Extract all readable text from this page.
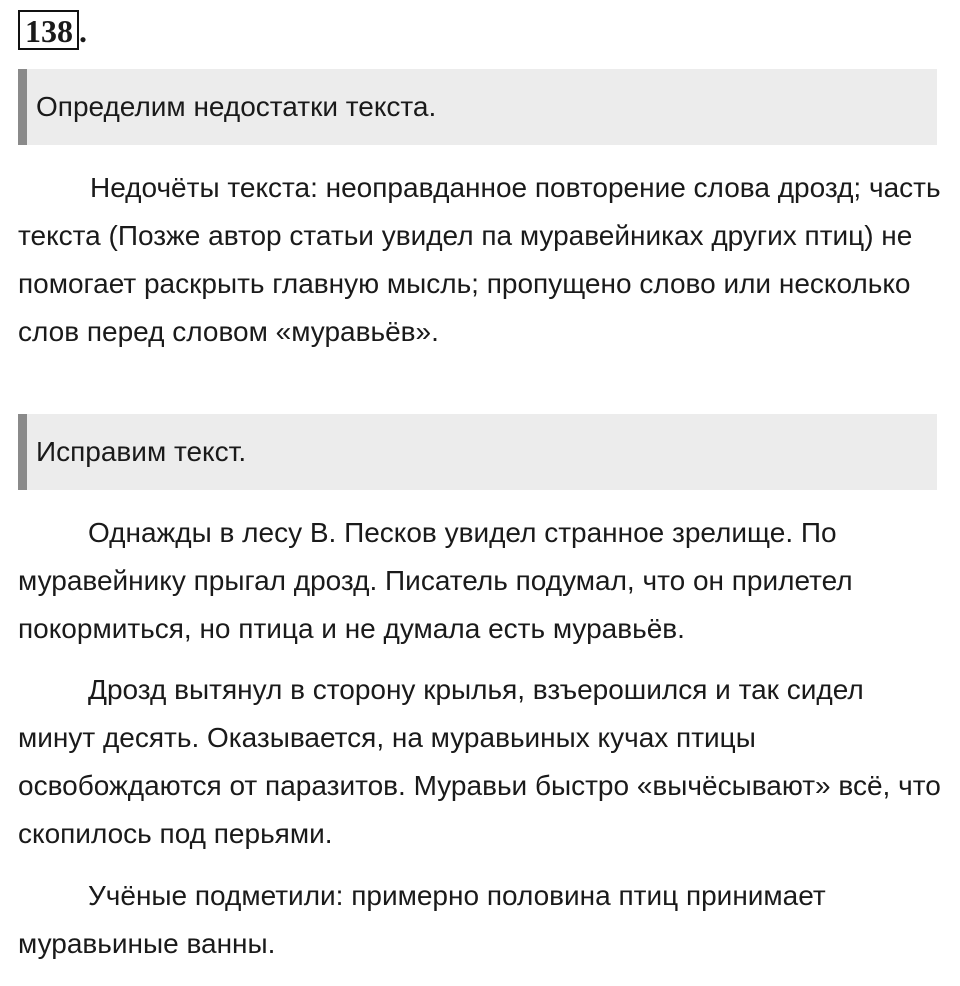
138 .
Определим недостатки текста.

Недочёты текста: неоправданное повторение слова дрозд; часть текста (Позже автор статьи увидел па муравейниках других птиц) не помогает раскрыть главную мысль; пропущено слово или несколько слов перед словом «муравьёв».

Исправим текст.

Однажды в лесу В. Песков увидел странное зрелище. По муравейнику прыгал дрозд. Писатель подумал, что он прилетел покормиться, но птица и не думала есть муравьёв.

Дрозд вытянул в сторону крылья, взъерошился и так сидел минут десять. Оказывается, на муравьиных кучах птицы освобождаются от паразитов. Муравьи быстро «вычёсывают» всё, что скопилось под перьями.

Учёные подметили: примерно половина птиц принимает муравьиные ванны.
